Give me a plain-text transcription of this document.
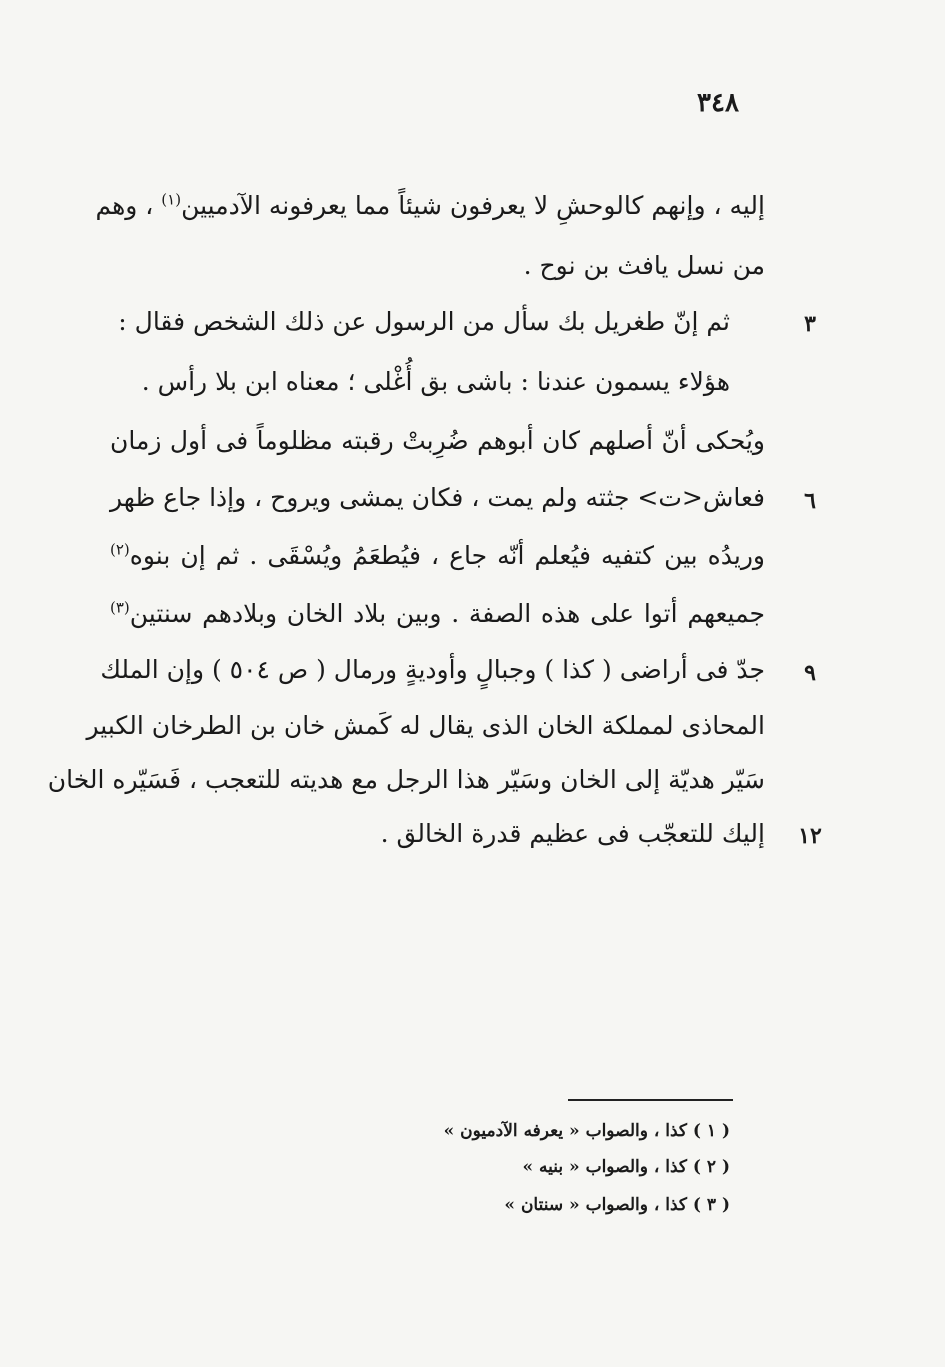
٣٤٨
إليه ، وإنهم كالوحشِ لا يعرفون شيئاً مما يعرفونه الآدميين$^{(١)}$ ، وهم
من نسل يافث بن نوح .
٣
ثم إنّ طغريل بك سأل من الرسول عن ذلك الشخص فقال :
هؤلاء يسمون عندنا : باشى بق أُغْلى ؛ معناه ابن بلا رأس .
ويُحكى أنّ أصلهم كان أبوهم ضُرِبتْ رقبته مظلوماً فى أول زمان
٦
فعاش<ت> جثته ولم يمت ، فكان يمشى ويروح ، وإذا جاع ظهر
وريدُه بين كتفيه فيُعلم أنّه جاع ، فيُطعَمُ ويُسْقَى . ثم إن بنوه$^{(٢)}$
جميعهم أتوا على هذه الصفة . وبين بلاد الخان وبلادهم سنتين$^{(٣)}$
٩
جدّ فى أراضى ( كذا ) وجبالٍ وأوديةٍ ورمال ( ص ٥٠٤ ) وإن الملك
المحاذى لمملكة الخان الذى يقال له كَمش خان بن الطرخان الكبير
سَيّر هديّة إلى الخان وسَيّر هذا الرجل مع هديته للتعجب ، فَسَيّره الخان
١٢
إليك للتعجّب فى عظيم قدرة الخالق .
( ١ ) كذا ، والصواب « يعرفه الآدميون »
( ٢ ) كذا ، والصواب « بنيه »
( ٣ ) كذا ، والصواب « سنتان »
